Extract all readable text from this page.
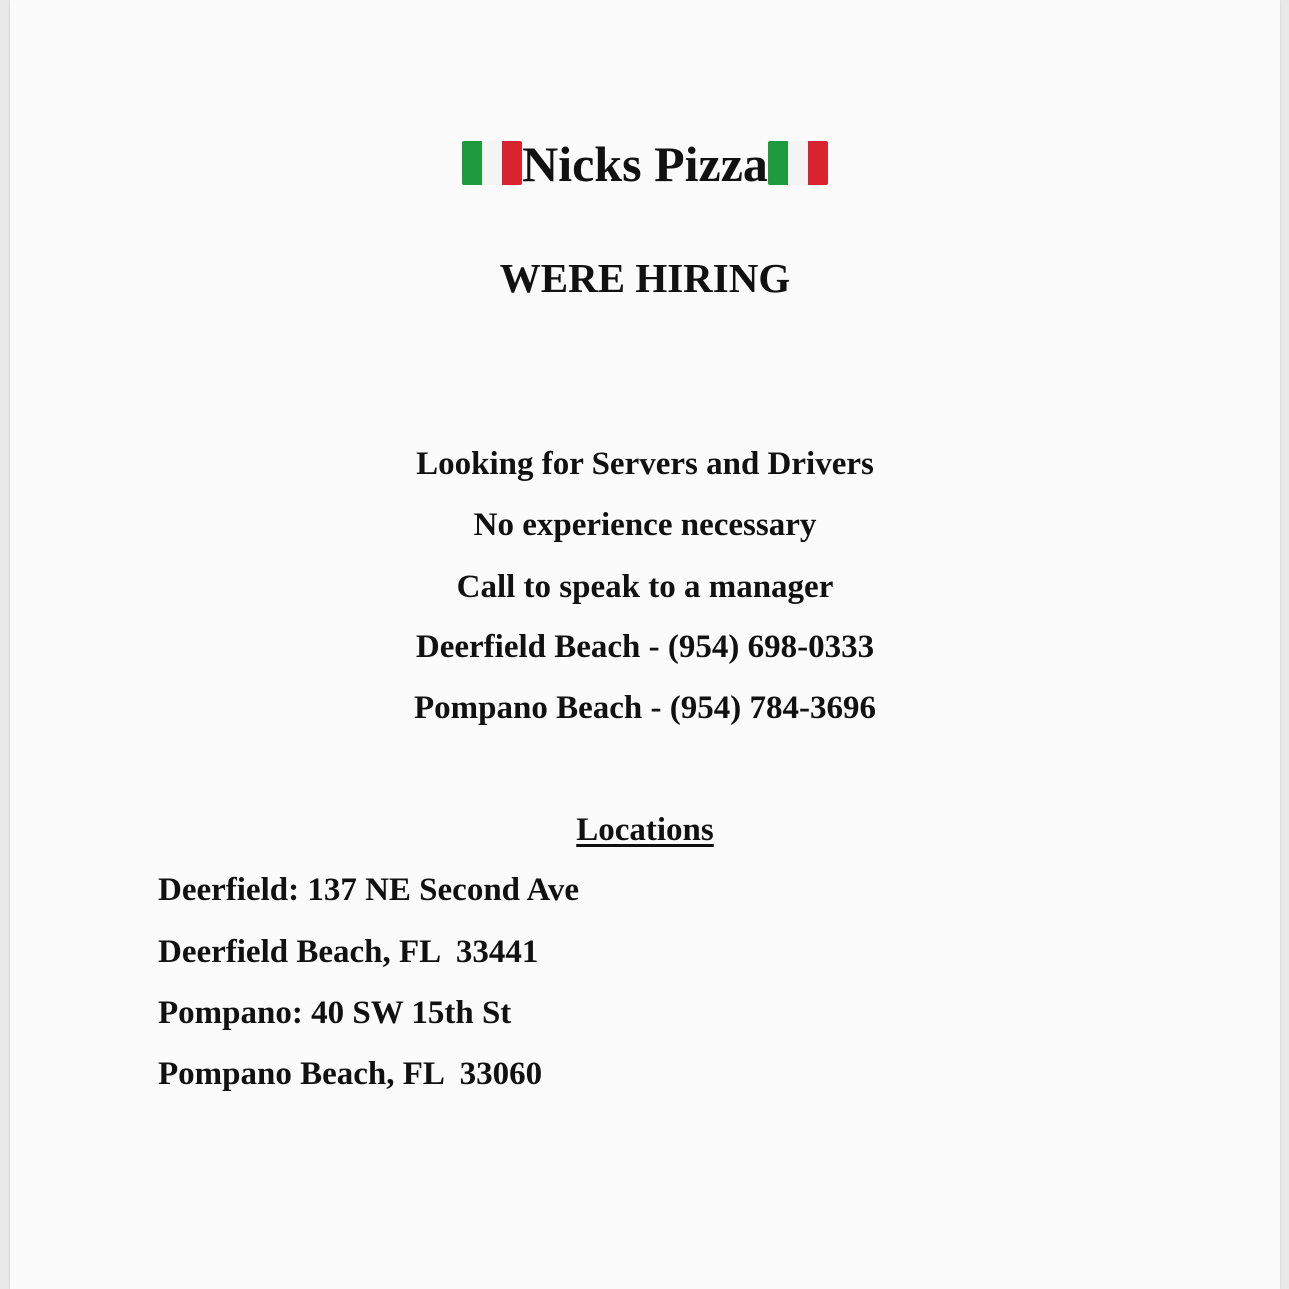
Nicks Pizza
WERE HIRING
Looking for Servers and Drivers
No experience necessary
Call to speak to a manager
Deerfield Beach - (954) 698-0333
Pompano Beach - (954) 784-3696
Locations
Deerfield: 137 NE Second Ave
Deerfield Beach, FL  33441
Pompano: 40 SW 15th St
Pompano Beach, FL  33060
